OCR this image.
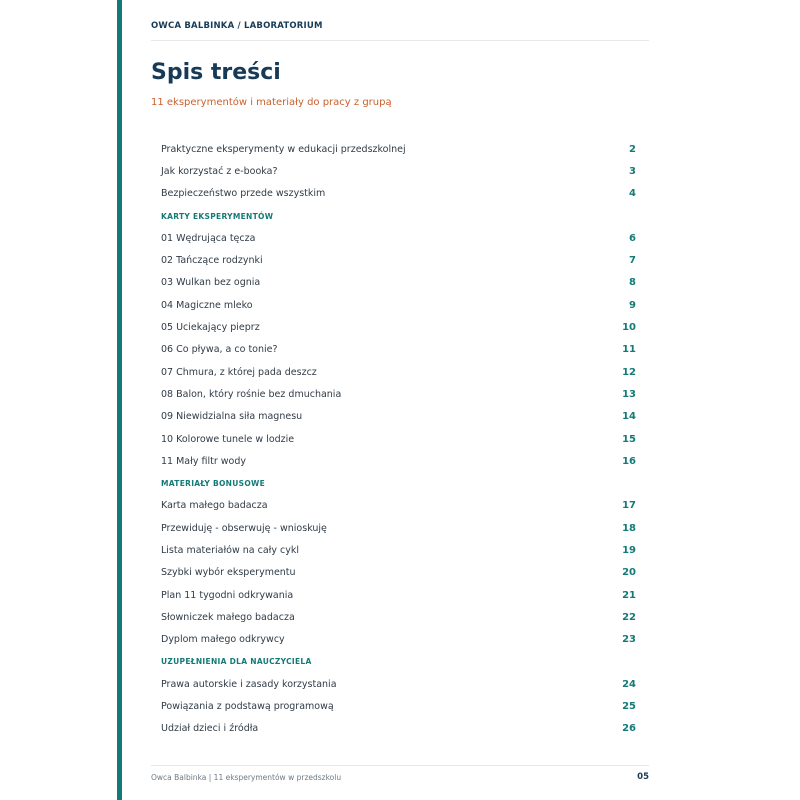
OWCA BALBINKA / LABORATORIUM
Spis treści
11 eksperymentów i materiały do pracy z grupą
Praktyczne eksperymenty w edukacji przedszkolnej	2
Jak korzystać z e-booka?	3
Bezpieczeństwo przede wszystkim	4
KARTY EKSPERYMENTÓW
01 Wędrująca tęcza	6
02 Tańczące rodzynki	7
03 Wulkan bez ognia	8
04 Magiczne mleko	9
05 Uciekający pieprz	10
06 Co pływa, a co tonie?	11
07 Chmura, z której pada deszcz	12
08 Balon, który rośnie bez dmuchania	13
09 Niewidzialna siła magnesu	14
10 Kolorowe tunele w lodzie	15
11 Mały filtr wody	16
MATERIAŁY BONUSOWE
Karta małego badacza	17
Przewiduję - obserwuję - wnioskuję	18
Lista materiałów na cały cykl	19
Szybki wybór eksperymentu	20
Plan 11 tygodni odkrywania	21
Słowniczek małego badacza	22
Dyplom małego odkrywcy	23
UZUPEŁNIENIA DLA NAUCZYCIELA
Prawa autorskie i zasady korzystania	24
Powiązania z podstawą programową	25
Udział dzieci i źródła	26
Owca Balbinka | 11 eksperymentów w przedszkolu	05
